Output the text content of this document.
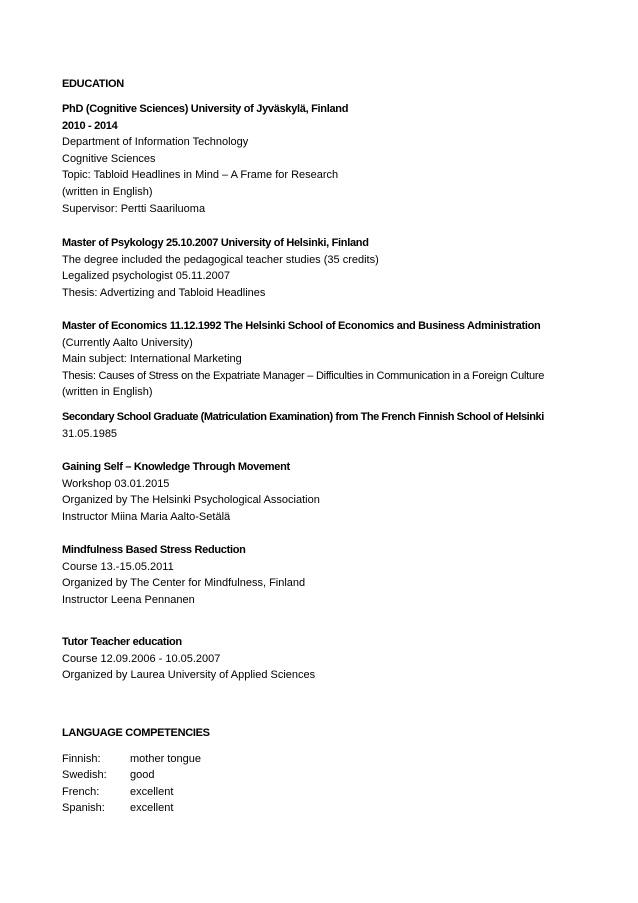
EDUCATION
PhD (Cognitive Sciences) University of Jyväskylä, Finland
2010 - 2014
Department of Information Technology
Cognitive Sciences
Topic: Tabloid Headlines in Mind – A Frame for Research
(written in English)
Supervisor: Pertti Saariluoma
Master of Psykology 25.10.2007 University of Helsinki, Finland
The degree included the pedagogical teacher studies (35 credits)
Legalized psychologist 05.11.2007
Thesis: Advertizing and Tabloid Headlines
Master of Economics 11.12.1992 The Helsinki School of Economics and Business Administration
(Currently Aalto University)
Main subject: International Marketing
Thesis: Causes of Stress on the Expatriate Manager – Difficulties in Communication in a Foreign Culture
(written in English)
Secondary School Graduate (Matriculation Examination) from The French Finnish School of Helsinki
31.05.1985
Gaining Self – Knowledge Through Movement
Workshop 03.01.2015
Organized by The Helsinki Psychological Association
Instructor Miina Maria Aalto-Setälä
Mindfulness Based Stress Reduction
Course 13.-15.05.2011
Organized by The Center for Mindfulness, Finland
Instructor Leena Pennanen
Tutor Teacher education
Course 12.09.2006 - 10.05.2007
Organized by Laurea University of Applied Sciences
LANGUAGE COMPETENCIES
Finnish:	mother tongue
Swedish:	good
French:	excellent
Spanish:	excellent
